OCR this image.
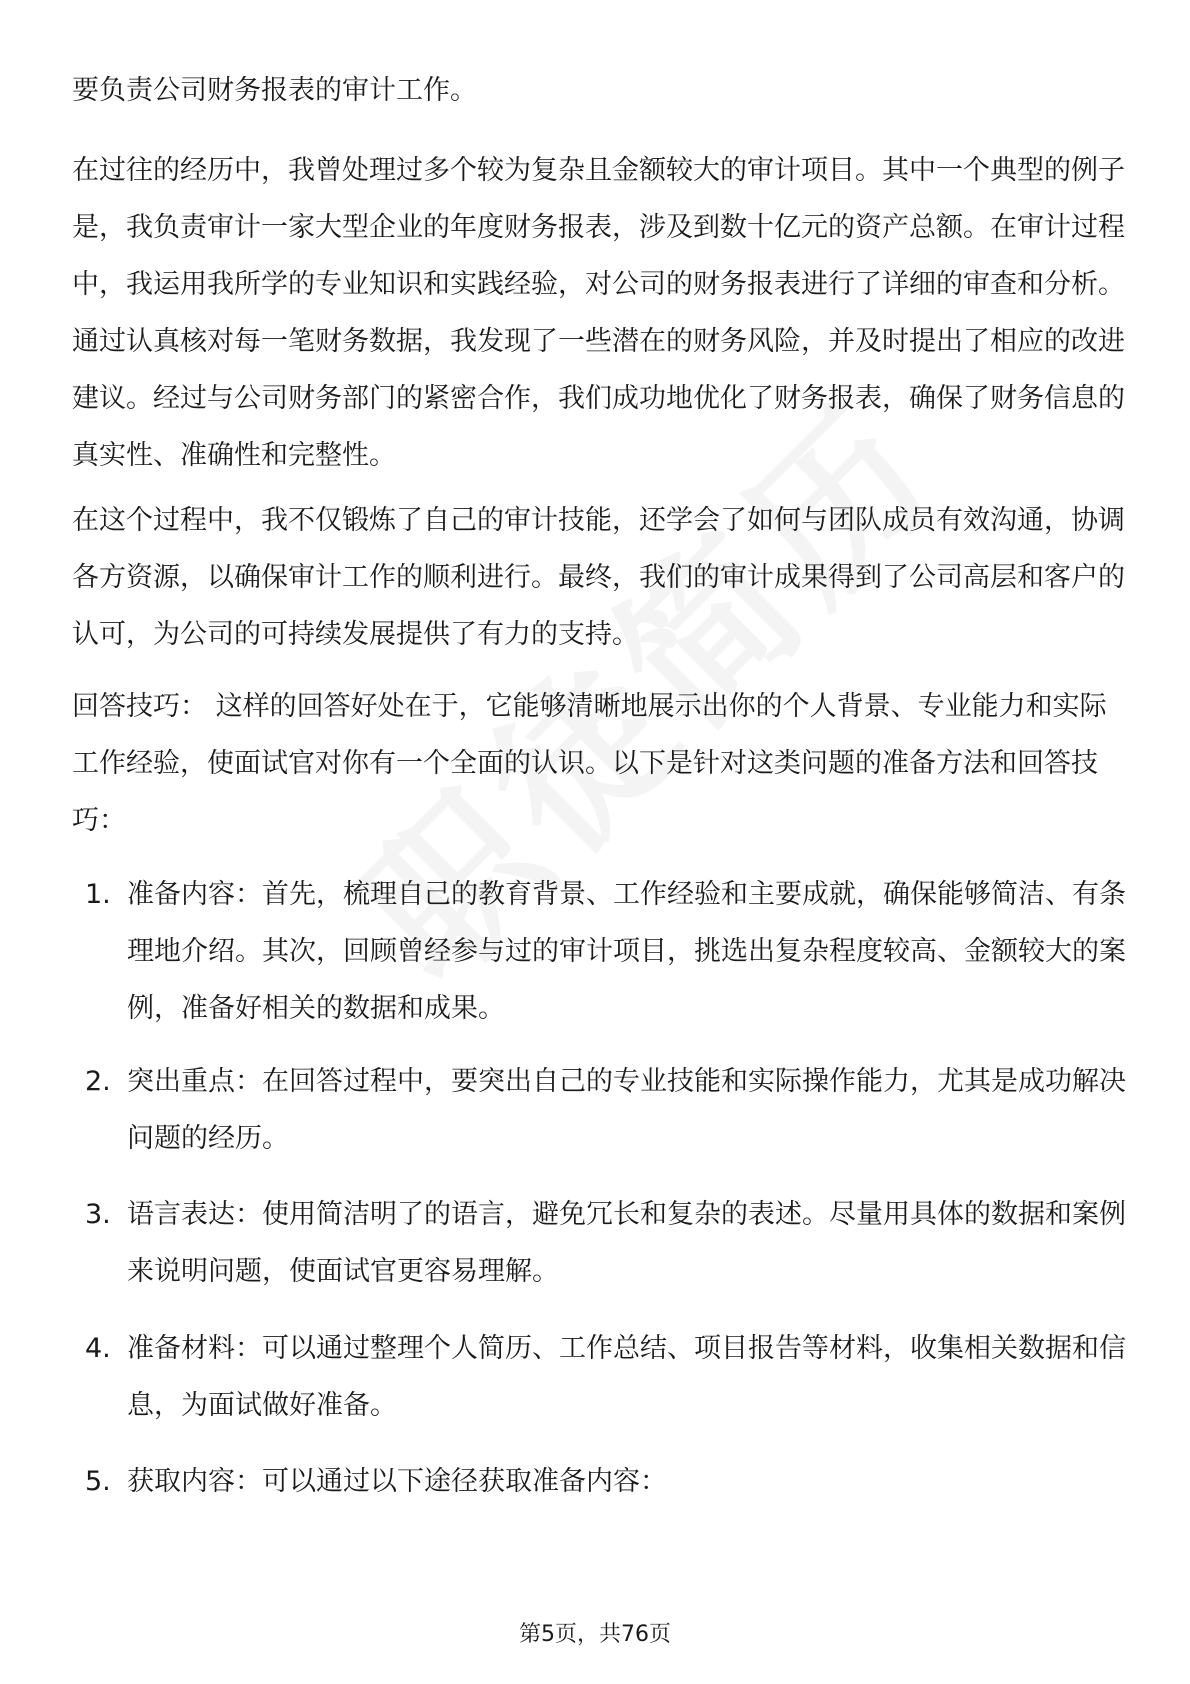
要负责公司财务报表的审计工作。

在过往的经历中，我曾处理过多个较为复杂且金额较大的审计项目。其中一个典型的例子是，我负责审计一家大型企业的年度财务报表，涉及到数十亿元的资产总额。在审计过程中，我运用我所学的专业知识和实践经验，对公司的财务报表进行了详细的审查和分析。通过认真核对每一笔财务数据，我发现了一些潜在的财务风险，并及时提出了相应的改进建议。经过与公司财务部门的紧密合作，我们成功地优化了财务报表，确保了财务信息的真实性、准确性和完整性。

在这个过程中，我不仅锻炼了自己的审计技能，还学会了如何与团队成员有效沟通，协调各方资源，以确保审计工作的顺利进行。最终，我们的审计成果得到了公司高层和客户的认可，为公司的可持续发展提供了有力的支持。

回答技巧： 这样的回答好处在于，它能够清晰地展示出你的个人背景、专业能力和实际工作经验，使面试官对你有一个全面的认识。以下是针对这类问题的准备方法和回答技巧：

1. 准备内容：首先，梳理自己的教育背景、工作经验和主要成就，确保能够简洁、有条理地介绍。其次，回顾曾经参与过的审计项目，挑选出复杂程度较高、金额较大的案例，准备好相关的数据和成果。
2. 突出重点：在回答过程中，要突出自己的专业技能和实际操作能力，尤其是成功解决问题的经历。
3. 语言表达：使用简洁明了的语言，避免冗长和复杂的表述。尽量用具体的数据和案例来说明问题，使面试官更容易理解。
4. 准备材料：可以通过整理个人简历、工作总结、项目报告等材料，收集相关数据和信息，为面试做好准备。
5. 获取内容：可以通过以下途径获取准备内容：
第5页，共76页
